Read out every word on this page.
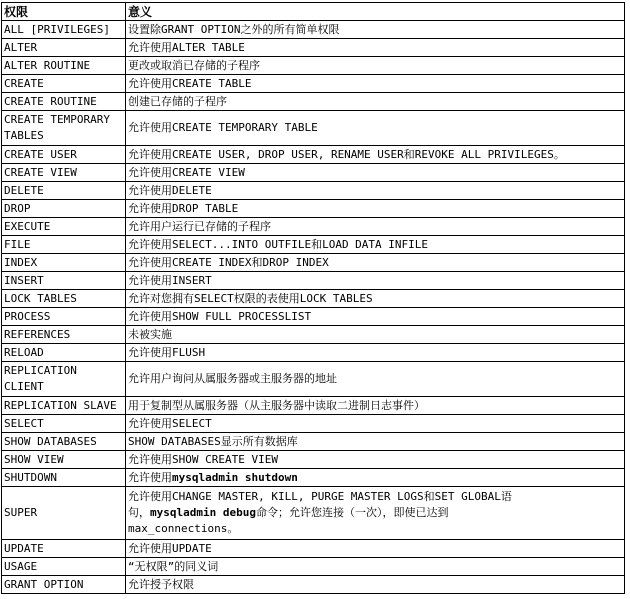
权限	意义
ALL [PRIVILEGES]	设置除GRANT OPTION之外的所有简单权限
ALTER	允许使用ALTER TABLE
ALTER ROUTINE	更改或取消已存储的子程序
CREATE	允许使用CREATE TABLE
CREATE ROUTINE	创建已存储的子程序
CREATE TEMPORARY TABLES	允许使用CREATE TEMPORARY TABLE
CREATE USER	允许使用CREATE USER, DROP USER, RENAME USER和REVOKE ALL PRIVILEGES。
CREATE VIEW	允许使用CREATE VIEW
DELETE	允许使用DELETE
DROP	允许使用DROP TABLE
EXECUTE	允许用户运行已存储的子程序
FILE	允许使用SELECT...INTO OUTFILE和LOAD DATA INFILE
INDEX	允许使用CREATE INDEX和DROP INDEX
INSERT	允许使用INSERT
LOCK TABLES	允许对您拥有SELECT权限的表使用LOCK TABLES
PROCESS	允许使用SHOW FULL PROCESSLIST
REFERENCES	未被实施
RELOAD	允许使用FLUSH
REPLICATION CLIENT	允许用户询问从属服务器或主服务器的地址
REPLICATION SLAVE	用于复制型从属服务器（从主服务器中读取二进制日志事件）
SELECT	允许使用SELECT
SHOW DATABASES	SHOW DATABASES显示所有数据库
SHOW VIEW	允许使用SHOW CREATE VIEW
SHUTDOWN	允许使用mysqladmin shutdown
SUPER	允许使用CHANGE MASTER, KILL, PURGE MASTER LOGS和SET GLOBAL语
句，mysqladmin debug命令；允许您连接（一次），即使已达到
max_connections。
UPDATE	允许使用UPDATE
USAGE	“无权限”的同义词
GRANT OPTION	允许授予权限
